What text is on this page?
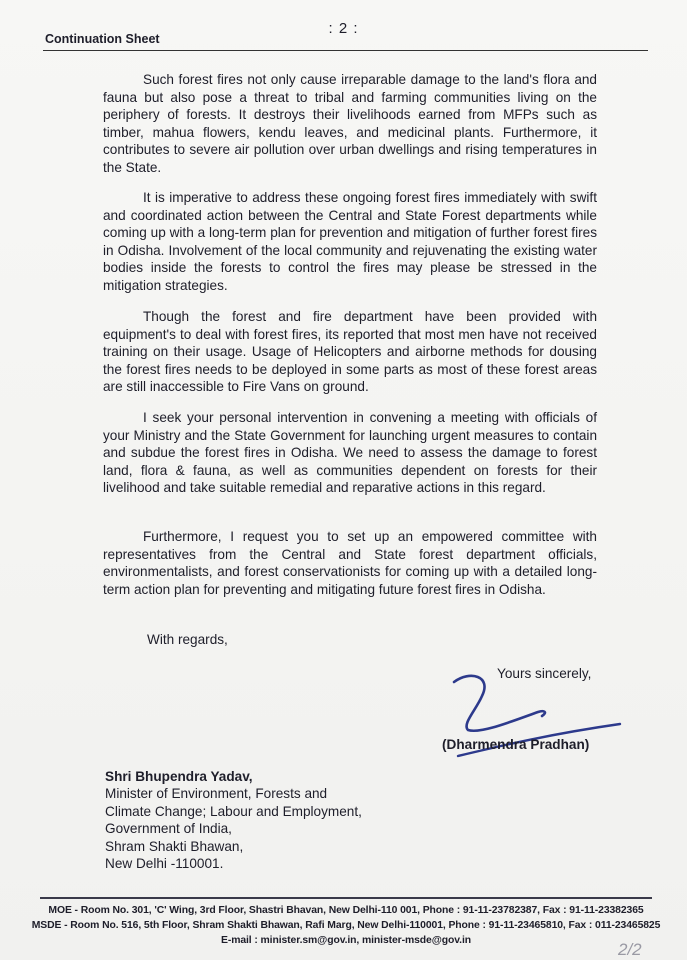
: 2 :
Continuation Sheet

Such forest fires not only cause irreparable damage to the land's flora and fauna but also pose a threat to tribal and farming communities living on the periphery of forests. It destroys their livelihoods earned from MFPs such as timber, mahua flowers, kendu leaves, and medicinal plants. Furthermore, it contributes to severe air pollution over urban dwellings and rising temperatures in the State.

It is imperative to address these ongoing forest fires immediately with swift and coordinated action between the Central and State Forest departments while coming up with a long-term plan for prevention and mitigation of further forest fires in Odisha. Involvement of the local community and rejuvenating the existing water bodies inside the forests to control the fires may please be stressed in the mitigation strategies.

Though the forest and fire department have been provided with equipment's to deal with forest fires, its reported that most men have not received training on their usage. Usage of Helicopters and airborne methods for dousing the forest fires needs to be deployed in some parts as most of these forest areas are still inaccessible to Fire Vans on ground.

I seek your personal intervention in convening a meeting with officials of your Ministry and the State Government for launching urgent measures to contain and subdue the forest fires in Odisha. We need to assess the damage to forest land, flora & fauna, as well as communities dependent on forests for their livelihood and take suitable remedial and reparative actions in this regard.

Furthermore, I request you to set up an empowered committee with representatives from the Central and State forest department officials, environmentalists, and forest conservationists for coming up with a detailed long-term action plan for preventing and mitigating future forest fires in Odisha.

With regards,
Yours sincerely,
(Dharmendra Pradhan)
Shri Bhupendra Yadav,
Minister of Environment, Forests and
Climate Change; Labour and Employment,
Government of India,
Shram Shakti Bhawan,
New Delhi -110001.
MOE - Room No. 301, 'C' Wing, 3rd Floor, Shastri Bhavan, New Delhi-110 001, Phone : 91-11-23782387, Fax : 91-11-23382365
MSDE - Room No. 516, 5th Floor, Shram Shakti Bhawan, Rafi Marg, New Delhi-110001, Phone : 91-11-23465810, Fax : 011-23465825
E-mail : minister.sm@gov.in, minister-msde@gov.in	2/2
